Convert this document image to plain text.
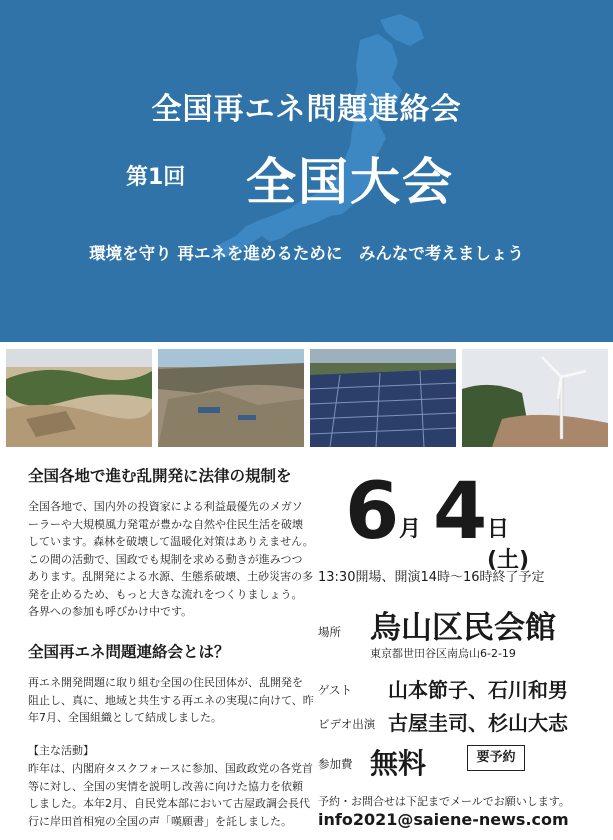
全国再エネ問題連絡会
第1回 全国大会
環境を守り 再エネを進めるために　みんなで考えましょう
全国各地で進む乱開発に法律の規制を
全国各地で、国内外の投資家による利益最優先のメガソ
ーラーや大規模風力発電が豊かな自然や住民生活を破壊
しています。森林を破壊して温暖化対策はありえません。
この間の活動で、国政でも規制を求める動きが進みつつ
あります。乱開発による水源、生態系破壊、土砂災害の多
発を止めるため、もっと大きな流れをつくりましょう。
各界への参加も呼びかけ中です。
全国再エネ問題連絡会とは？
再エネ開発問題に取り組む全国の住民団体が、乱開発を
阻止し、真に、地域と共生する再エネの実現に向けて、昨
年7月、全国組織として結成しました。
【主な活動】
昨年は、内閣府タスクフォースに参加、国政政党の各党首
等に対し、全国の実情を説明し改善に向けた協力を依頼
しました。本年2月、自民党本部において古屋政調会長代
行に岸田首相宛の全国の声「嘆願書」を託しました。
6 月 4 日(土)
13:30開場、開演14時〜16時終了予定
場所 烏山区民会館
東京都世田谷区南烏山6-2-19
ゲスト 山本節子、石川和男
ビデオ出演 古屋圭司、杉山大志
参加費 無料	要予約
予約・お問合せは下記までメールでお願いします。
info2021@saiene-news.com
